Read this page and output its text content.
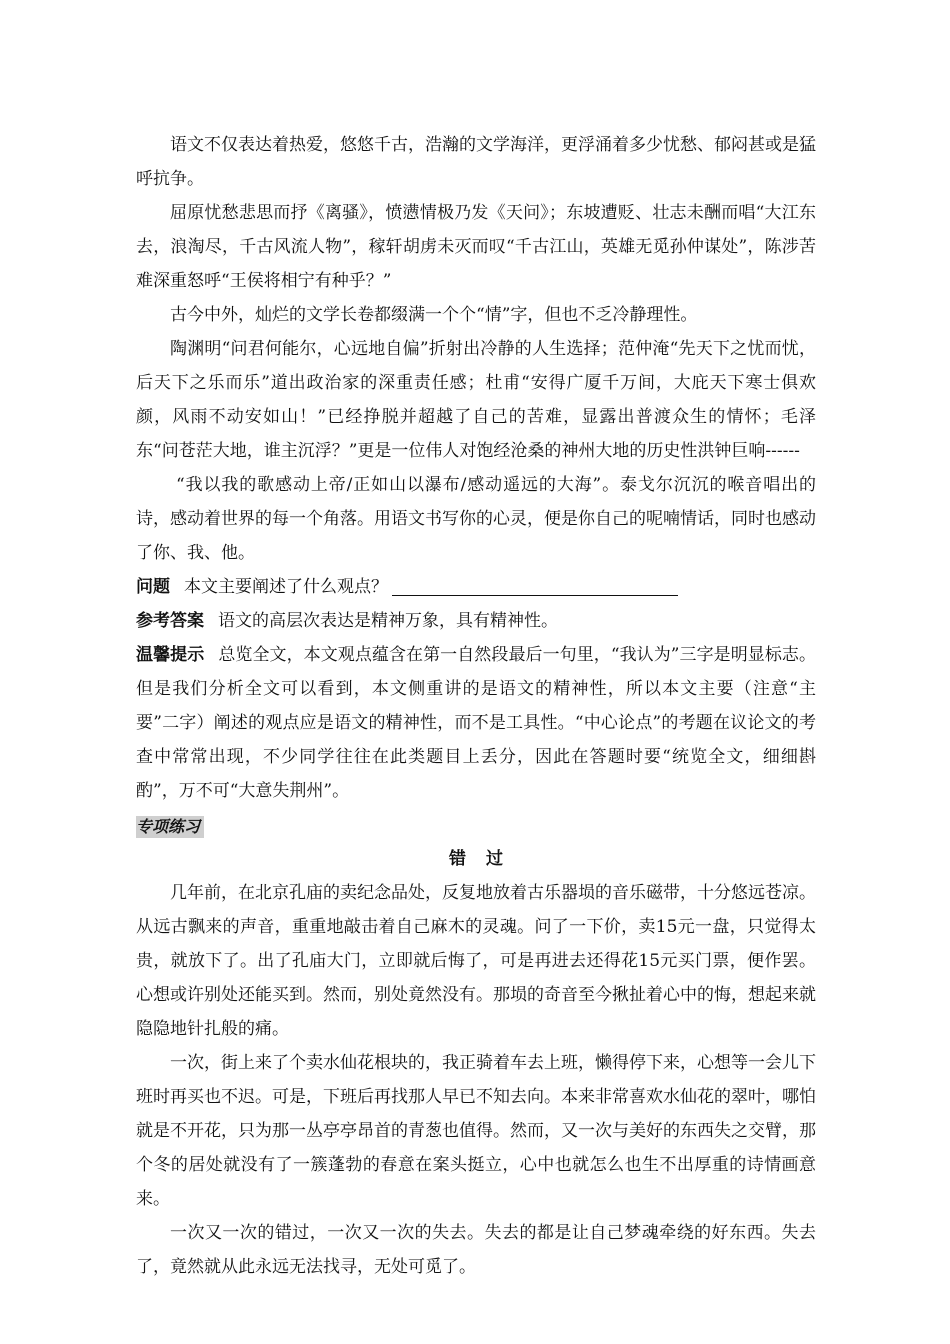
语文不仅表达着热爱，悠悠千古，浩瀚的文学海洋，更浮涌着多少忧愁、郁闷甚或是猛呼抗争。

屈原忧愁悲思而抒《离骚》，愤懑情极乃发《天问》；东坡遭贬、壮志未酬而唱“大江东去，浪淘尽，千古风流人物”，稼轩胡虏未灭而叹“千古江山，英雄无觅孙仲谋处”，陈涉苦难深重怒呼“王侯将相宁有种乎？”

古今中外，灿烂的文学长卷都缀满一个个“情”字，但也不乏冷静理性。

陶渊明“问君何能尔，心远地自偏”折射出冷静的人生选择；范仲淹“先天下之忧而忧，后天下之乐而乐”道出政治家的深重责任感；杜甫“安得广厦千万间，大庇天下寒士俱欢颜，风雨不动安如山！”已经挣脱并超越了自己的苦难，显露出普渡众生的情怀；毛泽东“问苍茫大地，谁主沉浮？”更是一位伟人对饱经沧桑的神州大地的历史性洪钟巨响------

“我以我的歌感动上帝/正如山以瀑布/感动遥远的大海”。泰戈尔沉沉的喉音唱出的诗，感动着世界的每一个角落。用语文书写你的心灵，便是你自己的呢喃情话，同时也感动了你、我、他。

问题 本文主要阐述了什么观点？

参考答案 语文的高层次表达是精神万象，具有精神性。

温馨提示 总览全文，本文观点蕴含在第一自然段最后一句里，“我认为”三字是明显标志。但是我们分析全文可以看到，本文侧重讲的是语文的精神性，所以本文主要（注意“主要”二字）阐述的观点应是语文的精神性，而不是工具性。“中心论点”的考题在议论文的考查中常常出现，不少同学往往在此类题目上丢分，因此在答题时要“统览全文，细细斟酌”，万不可“大意失荆州”。

专项练习
错过

几年前，在北京孔庙的卖纪念品处，反复地放着古乐器埙的音乐磁带，十分悠远苍凉。从远古飘来的声音，重重地敲击着自己麻木的灵魂。问了一下价，卖15元一盘，只觉得太贵，就放下了。出了孔庙大门，立即就后悔了，可是再进去还得花15元买门票，便作罢。心想或许别处还能买到。然而，别处竟然没有。那埙的奇音至今揪扯着心中的悔，想起来就隐隐地针扎般的痛。

一次，街上来了个卖水仙花根块的，我正骑着车去上班，懒得停下来，心想等一会儿下班时再买也不迟。可是，下班后再找那人早已不知去向。本来非常喜欢水仙花的翠叶，哪怕就是不开花，只为那一丛亭亭昂首的青葱也值得。然而，又一次与美好的东西失之交臂，那个冬的居处就没有了一簇蓬勃的春意在案头挺立，心中也就怎么也生不出厚重的诗情画意来。

一次又一次的错过，一次又一次的失去。失去的都是让自己梦魂牵绕的好东西。失去了，竟然就从此永远无法找寻，无处可觅了。
